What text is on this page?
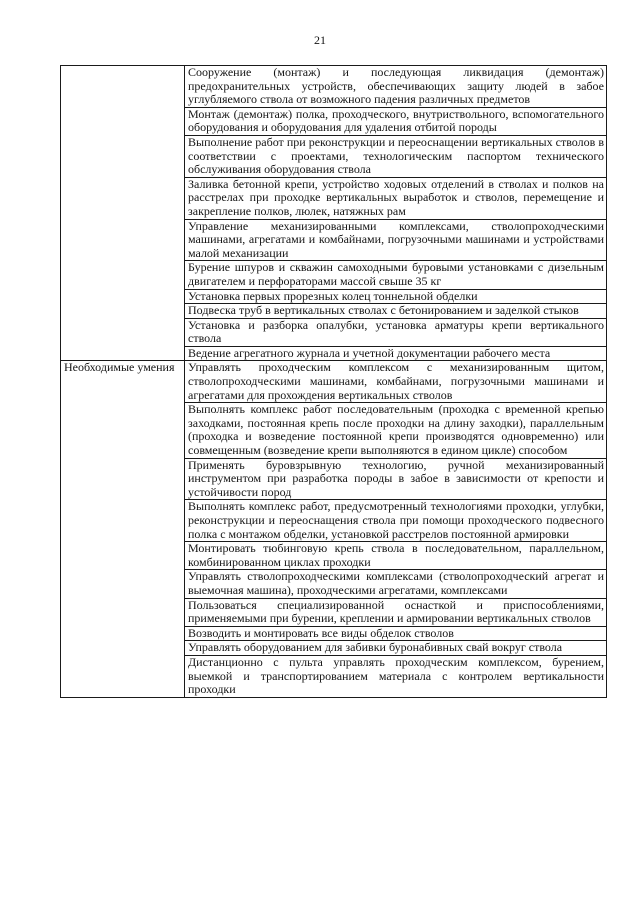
21

	Сооружение (монтаж) и последующая ликвидация (демонтаж) предохранительных устройств, обеспечивающих защиту людей в забое углубляемого ствола от возможного падения различных предметов

	Монтаж (демонтаж) полка, проходческого, внутриствольного, вспомогательного оборудования и оборудования для удаления отбитой породы

	Выполнение работ при реконструкции и переоснащении вертикальных стволов в соответствии с проектами, технологическим паспортом технического обслуживания оборудования ствола

	Заливка бетонной крепи, устройство ходовых отделений в стволах и полков на расстрелах при проходке вертикальных выработок и стволов, перемещение и закрепление полков, люлек, натяжных рам

	Управление механизированными комплексами, стволопроходческими машинами, агрегатами и комбайнами, погрузочными машинами и устройствами малой механизации

	Бурение шпуров и скважин самоходными буровыми установками с дизельным двигателем и перфораторами массой свыше 35 кг

	Установка первых прорезных колец тоннельной обделки

	Подвеска труб в вертикальных стволах с бетонированием и заделкой стыков

	Установка и разборка опалубки, установка арматуры крепи вертикального ствола

	Ведение агрегатного журнала и учетной документации рабочего места

Необходимые умения	Управлять проходческим комплексом с механизированным щитом, стволопроходческими машинами, комбайнами, погрузочными машинами и агрегатами для прохождения вертикальных стволов

	Выполнять комплекс работ последовательным (проходка с временной крепью заходками, постоянная крепь после проходки на длину заходки), параллельным (проходка и возведение постоянной крепи производятся одновременно) или совмещенным (возведение крепи выполняются в едином цикле) способом

	Применять буровзрывную технологию, ручной механизированный инструментом при разработка породы в забое в зависимости от крепости и устойчивости пород

	Выполнять комплекс работ, предусмотренный технологиями проходки, углубки, реконструкции и переоснащения ствола при помощи проходческого подвесного полка с монтажом обделки, установкой расстрелов постоянной армировки

	Монтировать тюбинговую крепь ствола в последовательном, параллельном, комбинированном циклах проходки

	Управлять стволопроходческими комплексами (стволопроходческий агрегат и выемочная машина), проходческими агрегатами, комплексами

	Пользоваться специализированной оснасткой и приспособлениями, применяемыми при бурении, креплении и армировании вертикальных стволов

	Возводить и монтировать все виды обделок стволов

	Управлять оборудованием для забивки буронабивных свай вокруг ствола

	Дистанционно с пульта управлять проходческим комплексом, бурением, выемкой и транспортированием материала с контролем вертикальности проходки
